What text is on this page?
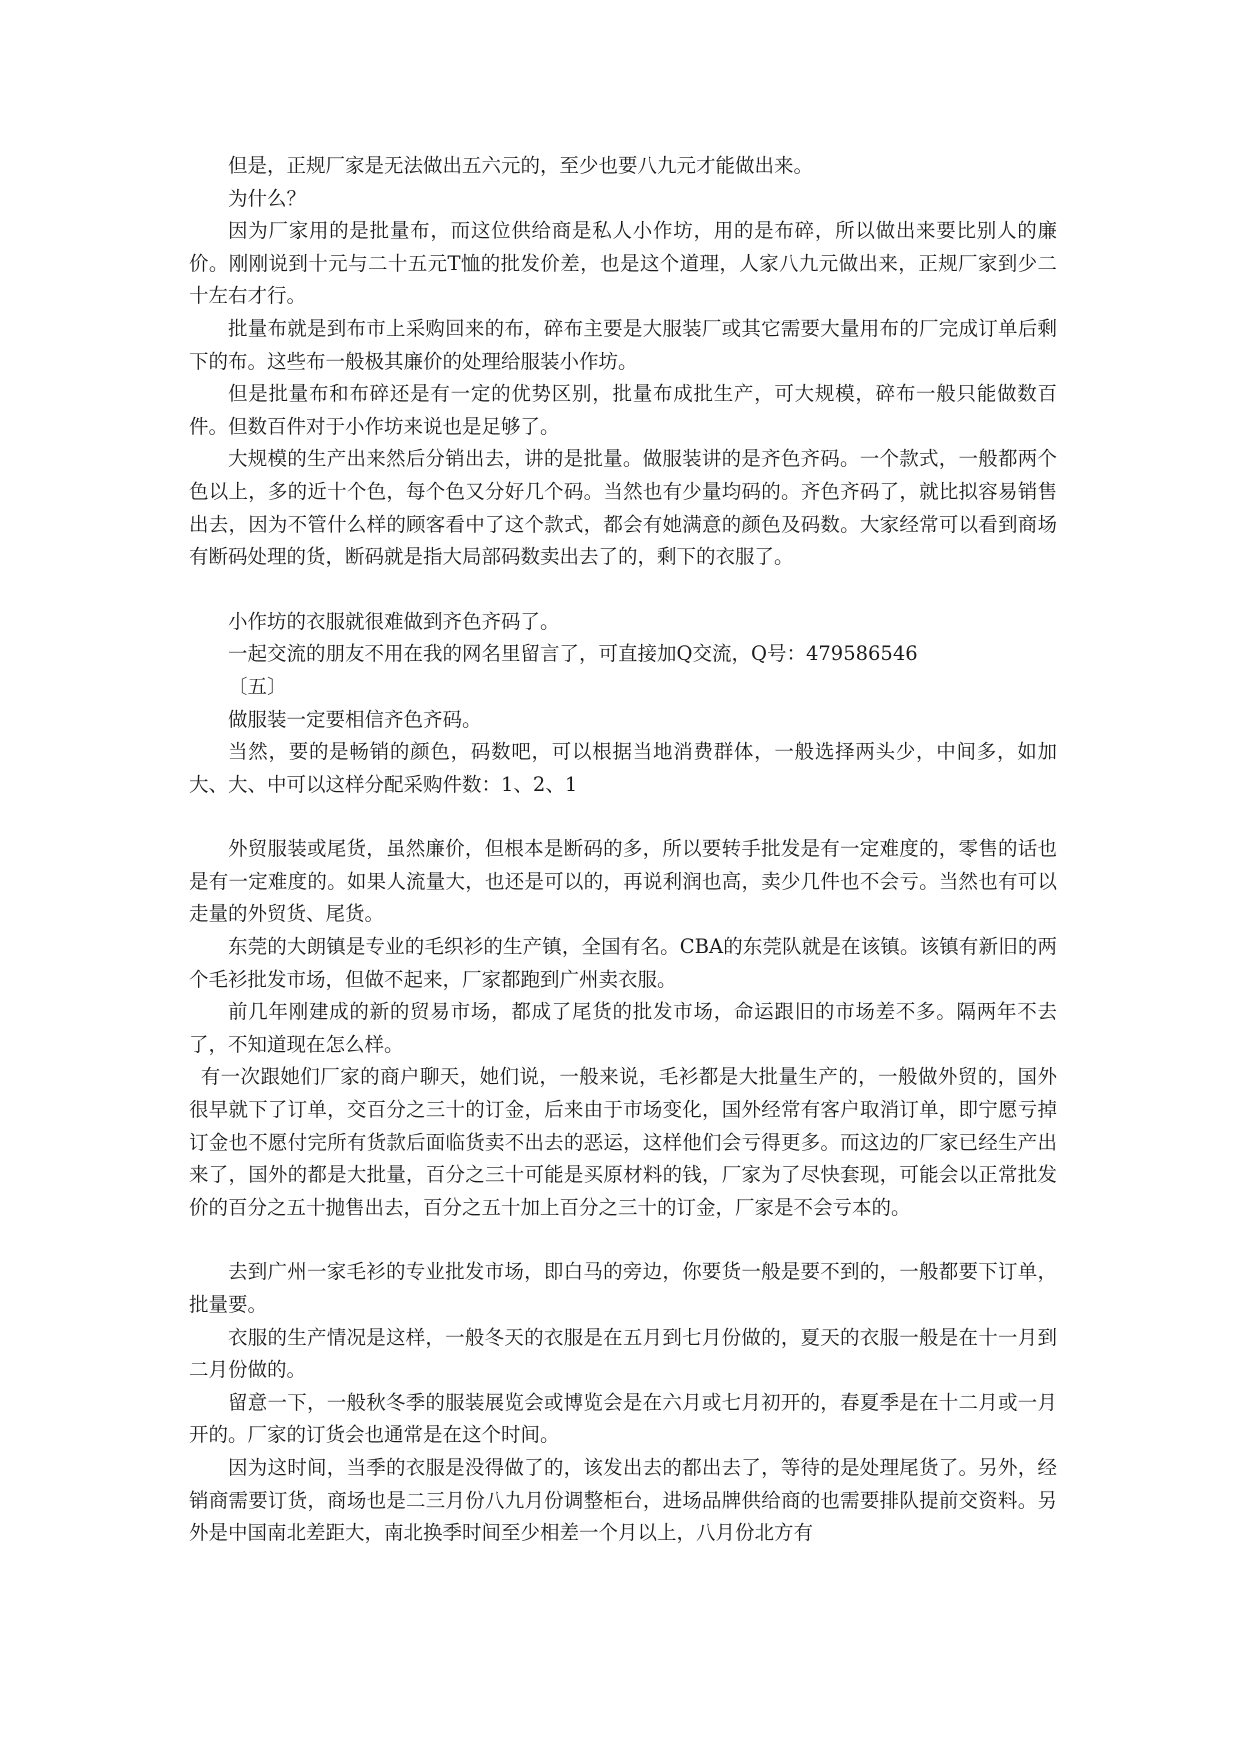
但是，正规厂家是无法做出五六元的，至少也要八九元才能做出来。

为什么？

因为厂家用的是批量布，而这位供给商是私人小作坊，用的是布碎，所以做出来要比别人的廉价。刚刚说到十元与二十五元T恤的批发价差，也是这个道理，人家八九元做出来，正规厂家到少二十左右才行。

批量布就是到布市上采购回来的布，碎布主要是大服装厂或其它需要大量用布的厂完成订单后剩下的布。这些布一般极其廉价的处理给服装小作坊。

但是批量布和布碎还是有一定的优势区别，批量布成批生产，可大规模，碎布一般只能做数百件。但数百件对于小作坊来说也是足够了。

大规模的生产出来然后分销出去，讲的是批量。做服装讲的是齐色齐码。一个款式，一般都两个色以上，多的近十个色，每个色又分好几个码。当然也有少量均码的。齐色齐码了，就比拟容易销售出去，因为不管什么样的顾客看中了这个款式，都会有她满意的颜色及码数。大家经常可以看到商场有断码处理的货，断码就是指大局部码数卖出去了的，剩下的衣服了。

小作坊的衣服就很难做到齐色齐码了。

一起交流的朋友不用在我的网名里留言了，可直接加Q交流，Q号：479586546

〔五〕

做服装一定要相信齐色齐码。

当然，要的是畅销的颜色，码数吧，可以根据当地消费群体，一般选择两头少，中间多，如加大、大、中可以这样分配采购件数：1、2、1

外贸服装或尾货，虽然廉价，但根本是断码的多，所以要转手批发是有一定难度的，零售的话也是有一定难度的。如果人流量大，也还是可以的，再说利润也高，卖少几件也不会亏。当然也有可以走量的外贸货、尾货。

东莞的大朗镇是专业的毛织衫的生产镇，全国有名。CBA的东莞队就是在该镇。该镇有新旧的两个毛衫批发市场，但做不起来，厂家都跑到广州卖衣服。

前几年刚建成的新的贸易市场，都成了尾货的批发市场，命运跟旧的市场差不多。隔两年不去了，不知道现在怎么样。

有一次跟她们厂家的商户聊天，她们说，一般来说，毛衫都是大批量生产的，一般做外贸的，国外很早就下了订单，交百分之三十的订金，后来由于市场变化，国外经常有客户取消订单，即宁愿亏掉订金也不愿付完所有货款后面临货卖不出去的恶运，这样他们会亏得更多。而这边的厂家已经生产出来了，国外的都是大批量，百分之三十可能是买原材料的钱，厂家为了尽快套现，可能会以正常批发价的百分之五十抛售出去，百分之五十加上百分之三十的订金，厂家是不会亏本的。

去到广州一家毛衫的专业批发市场，即白马的旁边，你要货一般是要不到的，一般都要下订单，批量要。

衣服的生产情况是这样，一般冬天的衣服是在五月到七月份做的，夏天的衣服一般是在十一月到二月份做的。

留意一下，一般秋冬季的服装展览会或博览会是在六月或七月初开的，春夏季是在十二月或一月开的。厂家的订货会也通常是在这个时间。

因为这时间，当季的衣服是没得做了的，该发出去的都出去了，等待的是处理尾货了。另外，经销商需要订货，商场也是二三月份八九月份调整柜台，进场品牌供给商的也需要排队提前交资料。另外是中国南北差距大，南北换季时间至少相差一个月以上，八月份北方有
